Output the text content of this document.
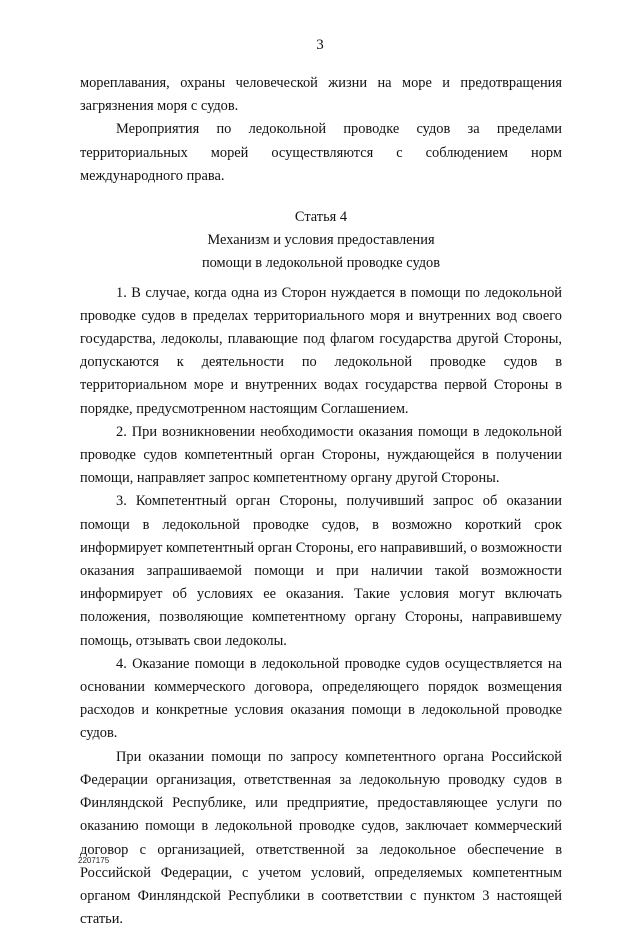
3

мореплавания, охраны человеческой жизни на море и предотвращения загрязнения моря с судов.

Мероприятия по ледокольной проводке судов за пределами территориальных морей осуществляются с соблюдением норм международного права.

Статья 4

Механизм и условия предоставления

помощи в ледокольной проводке судов

1. В случае, когда одна из Сторон нуждается в помощи по ледокольной проводке судов в пределах территориального моря и внутренних вод своего государства, ледоколы, плавающие под флагом государства другой Стороны, допускаются к деятельности по ледокольной проводке судов в территориальном море и внутренних водах государства первой Стороны в порядке, предусмотренном настоящим Соглашением.

2. При возникновении необходимости оказания помощи в ледокольной проводке судов компетентный орган Стороны, нуждающейся в получении помощи, направляет запрос компетентному органу другой Стороны.

3. Компетентный орган Стороны, получивший запрос об оказании помощи в ледокольной проводке судов, в возможно короткий срок информирует компетентный орган Стороны, его направивший, о возможности оказания запрашиваемой помощи и при наличии такой возможности информирует об условиях ее оказания. Такие условия могут включать положения, позволяющие компетентному органу Стороны, направившему помощь, отзывать свои ледоколы.

4. Оказание помощи в ледокольной проводке судов осуществляется на основании коммерческого договора, определяющего порядок возмещения расходов и конкретные условия оказания помощи в ледокольной проводке судов.

При оказании помощи по запросу компетентного органа Российской Федерации организация, ответственная за ледокольную проводку судов в Финляндской Республике, или предприятие, предоставляющее услуги по оказанию помощи в ледокольной проводке судов, заключает коммерческий договор с организацией, ответственной за ледокольное обеспечение в Российской Федерации, с учетом условий, определяемых компетентным органом Финляндской Республики в соответствии с пунктом 3 настоящей статьи.

2207175
